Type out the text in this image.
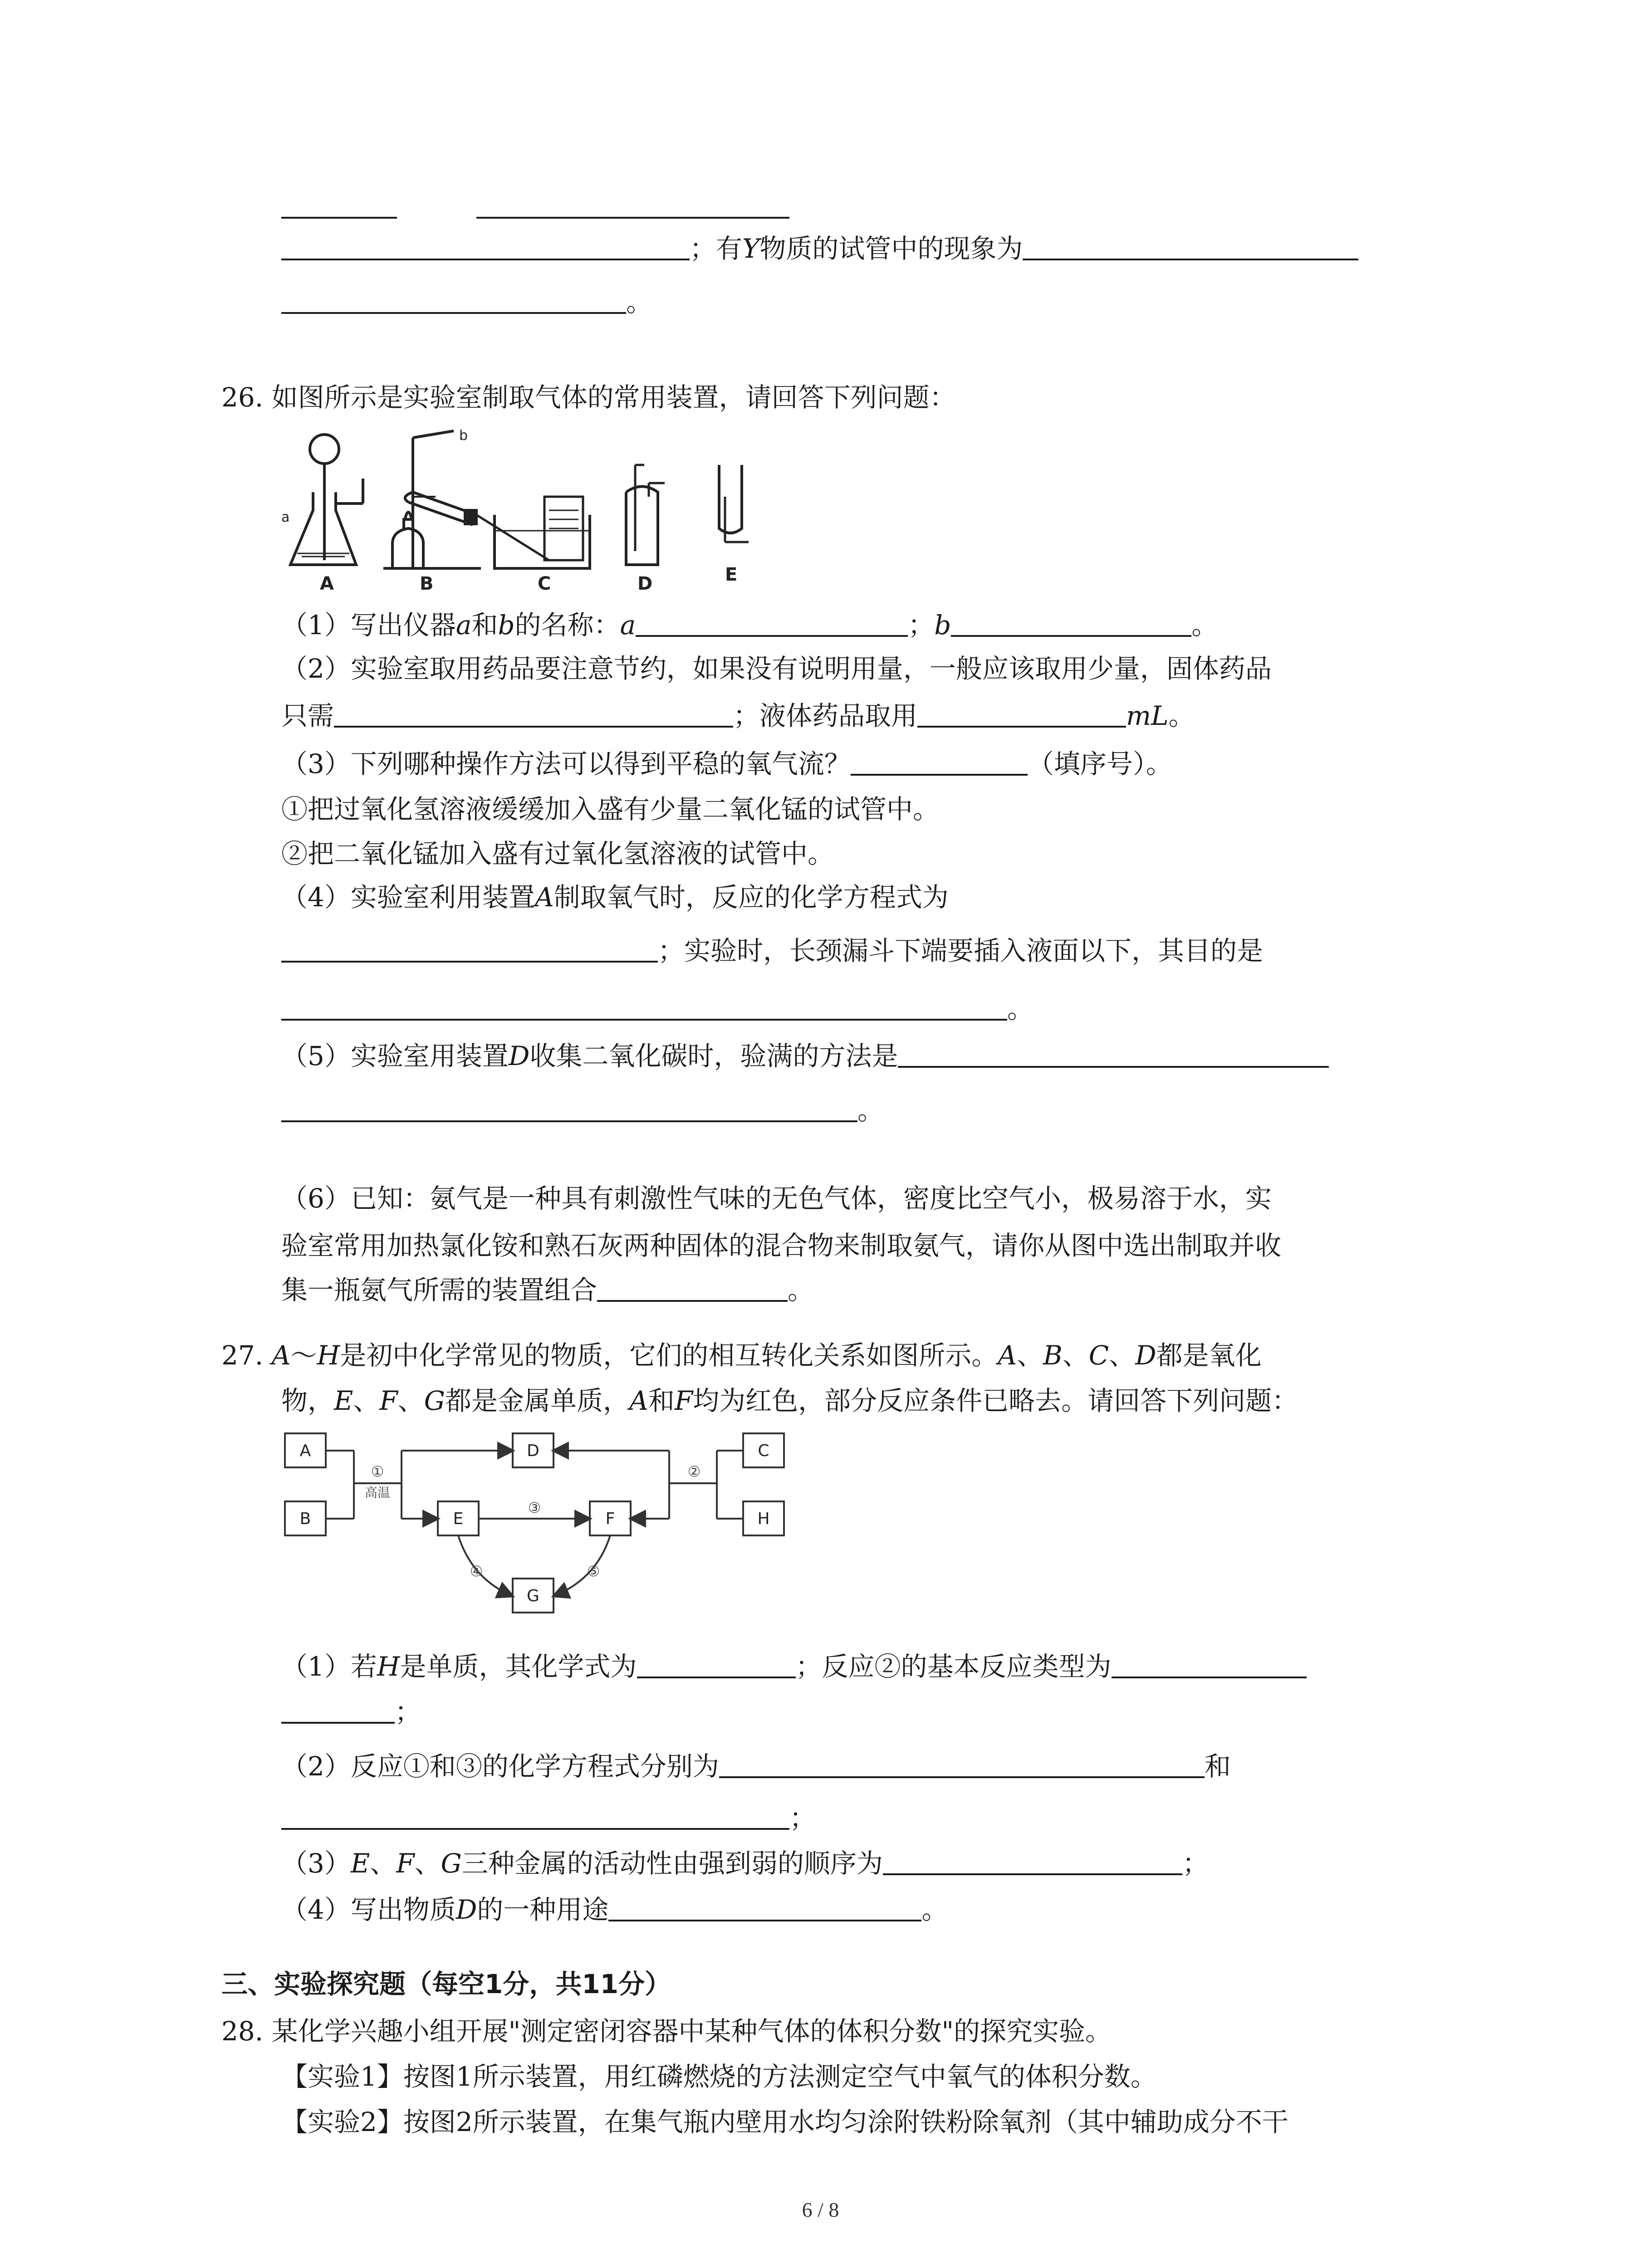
；有Y物质的试管中的现象为
。
26. 如图所示是实验室制取气体的常用装置，请回答下列问题：
A	B	C	D	E
a
b
（1）写出仪器a和b的名称：a	；b	。
（2）实验室取用药品要注意节约，如果没有说明用量，一般应该取用少量，固体药品
只需	；液体药品取用	mL。
（3）下列哪种操作方法可以得到平稳的氧气流？	（填序号）。
①把过氧化氢溶液缓缓加入盛有少量二氧化锰的试管中。
②把二氧化锰加入盛有过氧化氢溶液的试管中。
（4）实验室利用装置A制取氧气时，反应的化学方程式为
；实验时，长颈漏斗下端要插入液面以下，其目的是
。
（5）实验室用装置D收集二氧化碳时，验满的方法是
。
（6）已知：氨气是一种具有刺激性气味的无色气体，密度比空气小，极易溶于水，实
验室常用加热氯化铵和熟石灰两种固体的混合物来制取氨气，请你从图中选出制取并收
集一瓶氨气所需的装置组合	。
27. A～H是初中化学常见的物质，它们的相互转化关系如图所示。A、B、C、D都是氧化
物，E、F、G都是金属单质，A和F均为红色，部分反应条件已略去。请回答下列问题：
A
B
D	C
H
E	F
G
①
高温
②
③
④	⑤
（1）若H是单质，其化学式为	；反应②的基本反应类型为
；
（2）反应①和③的化学方程式分别为	和
；
（3）E、F、G三种金属的活动性由强到弱的顺序为	；
（4）写出物质D的一种用途	。
三、实验探究题（每空1分，共11分）
28. 某化学兴趣小组开展"测定密闭容器中某种气体的体积分数"的探究实验。
【实验1】按图1所示装置，用红磷燃烧的方法测定空气中氧气的体积分数。
【实验2】按图2所示装置，在集气瓶内壁用水均匀涂附铁粉除氧剂（其中辅助成分不干
6 / 8
